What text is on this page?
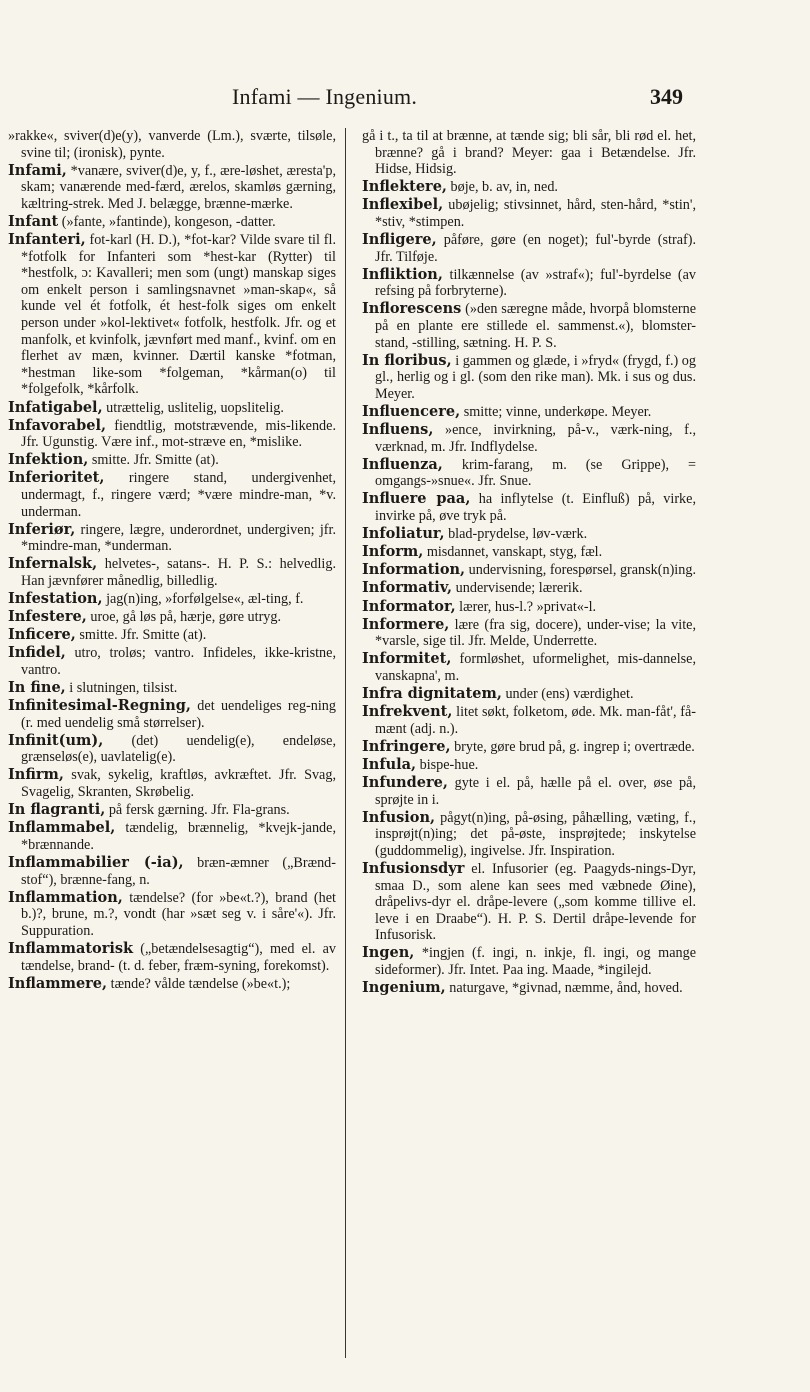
Infami — Ingenium.	349

»rakke«, sviver(d)e(y), vanverde (Lm.), sværte, tilsøle, svine til; (ironisk), pynte.

Infami, *vanære, sviver(d)e, y, f., ære-løshet, æresta'p, skam; vanærende med-færd, ærelos, skamløs gærning, kæltring-strek. Med J. belægge, brænne-mærke.

Infant (»fante, »fantinde), kongeson, -datter.

Infanteri, fot-karl (H. D.), *fot-kar? Vilde svare til fl. *fotfolk for Infanteri som *hest-kar (Rytter) til *hestfolk, ɔ: Kavalleri; men som (ungt) manskap siges om enkelt person i samlingsnavnet »man-skap«, så kunde vel ét fotfolk, ét hest-folk siges om enkelt person under »kol-lektivet« fotfolk, hestfolk. Jfr. og et manfolk, et kvinfolk, jævnført med manf., kvinf. om en flerhet av mæn, kvinner. Dærtil kanske *fotman, *hestman like-som *folgeman, *kårman(o) til *folgefolk, *kårfolk.

Infatigabel, utrættelig, uslitelig, uopslitelig.

Infavorabel, fiendtlig, motstrævende, mis-likende. Jfr. Ugunstig. Være inf., mot-stræve en, *mislike.

Infektion, smitte. Jfr. Smitte (at).

Inferioritet, ringere stand, undergivenhet, undermagt, f., ringere værd; *være mindre-man, *v. underman.

Inferiør, ringere, lægre, underordnet, undergiven; jfr. *mindre-man, *underman.

Infernalsk, helvetes-, satans-. H. P. S.: helvedlig. Han jævnfører månedlig, billedlig.

Infestation, jag(n)ing, »forfølgelse«, æl-ting, f.

Infestere, uroe, gå løs på, hærje, gøre utryg.

Inficere, smitte. Jfr. Smitte (at).

Infidel, utro, troløs; vantro. Infideles, ikke-kristne, vantro.

In fine, i slutningen, tilsist.

Infinitesimal-Regning, det uendeliges reg-ning (r. med uendelig små størrelser).

Infinit(um), (det) uendelig(e), endeløse, grænseløs(e), uavlatelig(e).

Infirm, svak, sykelig, kraftløs, avkræftet. Jfr. Svag, Svagelig, Skranten, Skrøbelig.

In flagranti, på fersk gærning. Jfr. Fla-grans.

Inflammabel, tændelig, brænnelig, *kvejk-jande, *brænnande.

Inflammabilier (-ia), bræn-æmner („Brænd-stof“), brænne-fang, n.

Inflammation, tændelse? (for »be«t.?), brand (het b.)?, brune, m.?, vondt (har »sæt seg v. i såre'«). Jfr. Suppuration.

Inflammatorisk („betændelsesagtig“), med el. av tændelse, brand- (t. d. feber, fræm-syning, forekomst).

Inflammere, tænde? vålde tændelse (»be«t.);

gå i t., ta til at brænne, at tænde sig; bli sår, bli rød el. het, brænne? gå i brand? Meyer: gaa i Betændelse. Jfr. Hidse, Hidsig.

Inflektere, bøje, b. av, in, ned.

Inflexibel, ubøjelig; stivsinnet, hård, sten-hård, *stin', *stiv, *stimpen.

Infligere, påføre, gøre (en noget); ful'-byrde (straf). Jfr. Tilføje.

Infliktion, tilkænnelse (av »straf«); ful'-byrdelse (av refsing på forbryterne).

Inflorescens (»den særegne måde, hvorpå blomsterne på en plante ere stillede el. sammenst.«), blomster-stand, -stilling, sætning. H. P. S.

In floribus, i gammen og glæde, i »fryd« (frygd, f.) og gl., herlig og i gl. (som den rike man). Mk. i sus og dus. Meyer.

Influencere, smitte; vinne, underkøpe. Meyer.

Influens, »ence, invirkning, på-v., værk-ning, f., værknad, m. Jfr. Indflydelse.

Influenza, krim-farang, m. (se Grippe), = omgangs-»snue«. Jfr. Snue.

Influere paa, ha inflytelse (t. Einfluß) på, virke, invirke på, øve tryk på.

Infoliatur, blad-prydelse, løv-værk.

Inform, misdannet, vanskapt, styg, fæl.

Information, undervisning, forespørsel, gransk(n)ing.

Informativ, undervisende; lærerik.

Informator, lærer, hus-l.? »privat«-l.

Informere, lære (fra sig, docere), under-vise; la vite, *varsle, sige til. Jfr. Melde, Underrette.

Informitet, formløshet, uformelighet, mis-dannelse, vanskapna', m.

Infra dignitatem, under (ens) værdighet.

Infrekvent, litet søkt, folketom, øde. Mk. man-fåt', få-mænt (adj. n.).

Infringere, bryte, gøre brud på, g. ingrep i; overtræde.

Infula, bispe-hue.

Infundere, gyte i el. på, hælle på el. over, øse på, sprøjte in i.

Infusion, pågyt(n)ing, på-øsing, påhælling, væting, f., insprøjt(n)ing; det på-øste, insprøjtede; inskytelse (guddommelig), ingivelse. Jfr. Inspiration.

Infusionsdyr el. Infusorier (eg. Paagyds-nings-Dyr, smaa D., som alene kan sees med væbnede Øine), dråpelivs-dyr el. dråpe-levere („som komme tillive el. leve i en Draabe“). H. P. S. Dertil dråpe-levende for Infusorisk.

Ingen, *ingjen (f. ingi, n. inkje, fl. ingi, og mange sideformer). Jfr. Intet. Paa ing. Maade, *ingilejd.

Ingenium, naturgave, *givnad, næmme, ånd, hoved.
